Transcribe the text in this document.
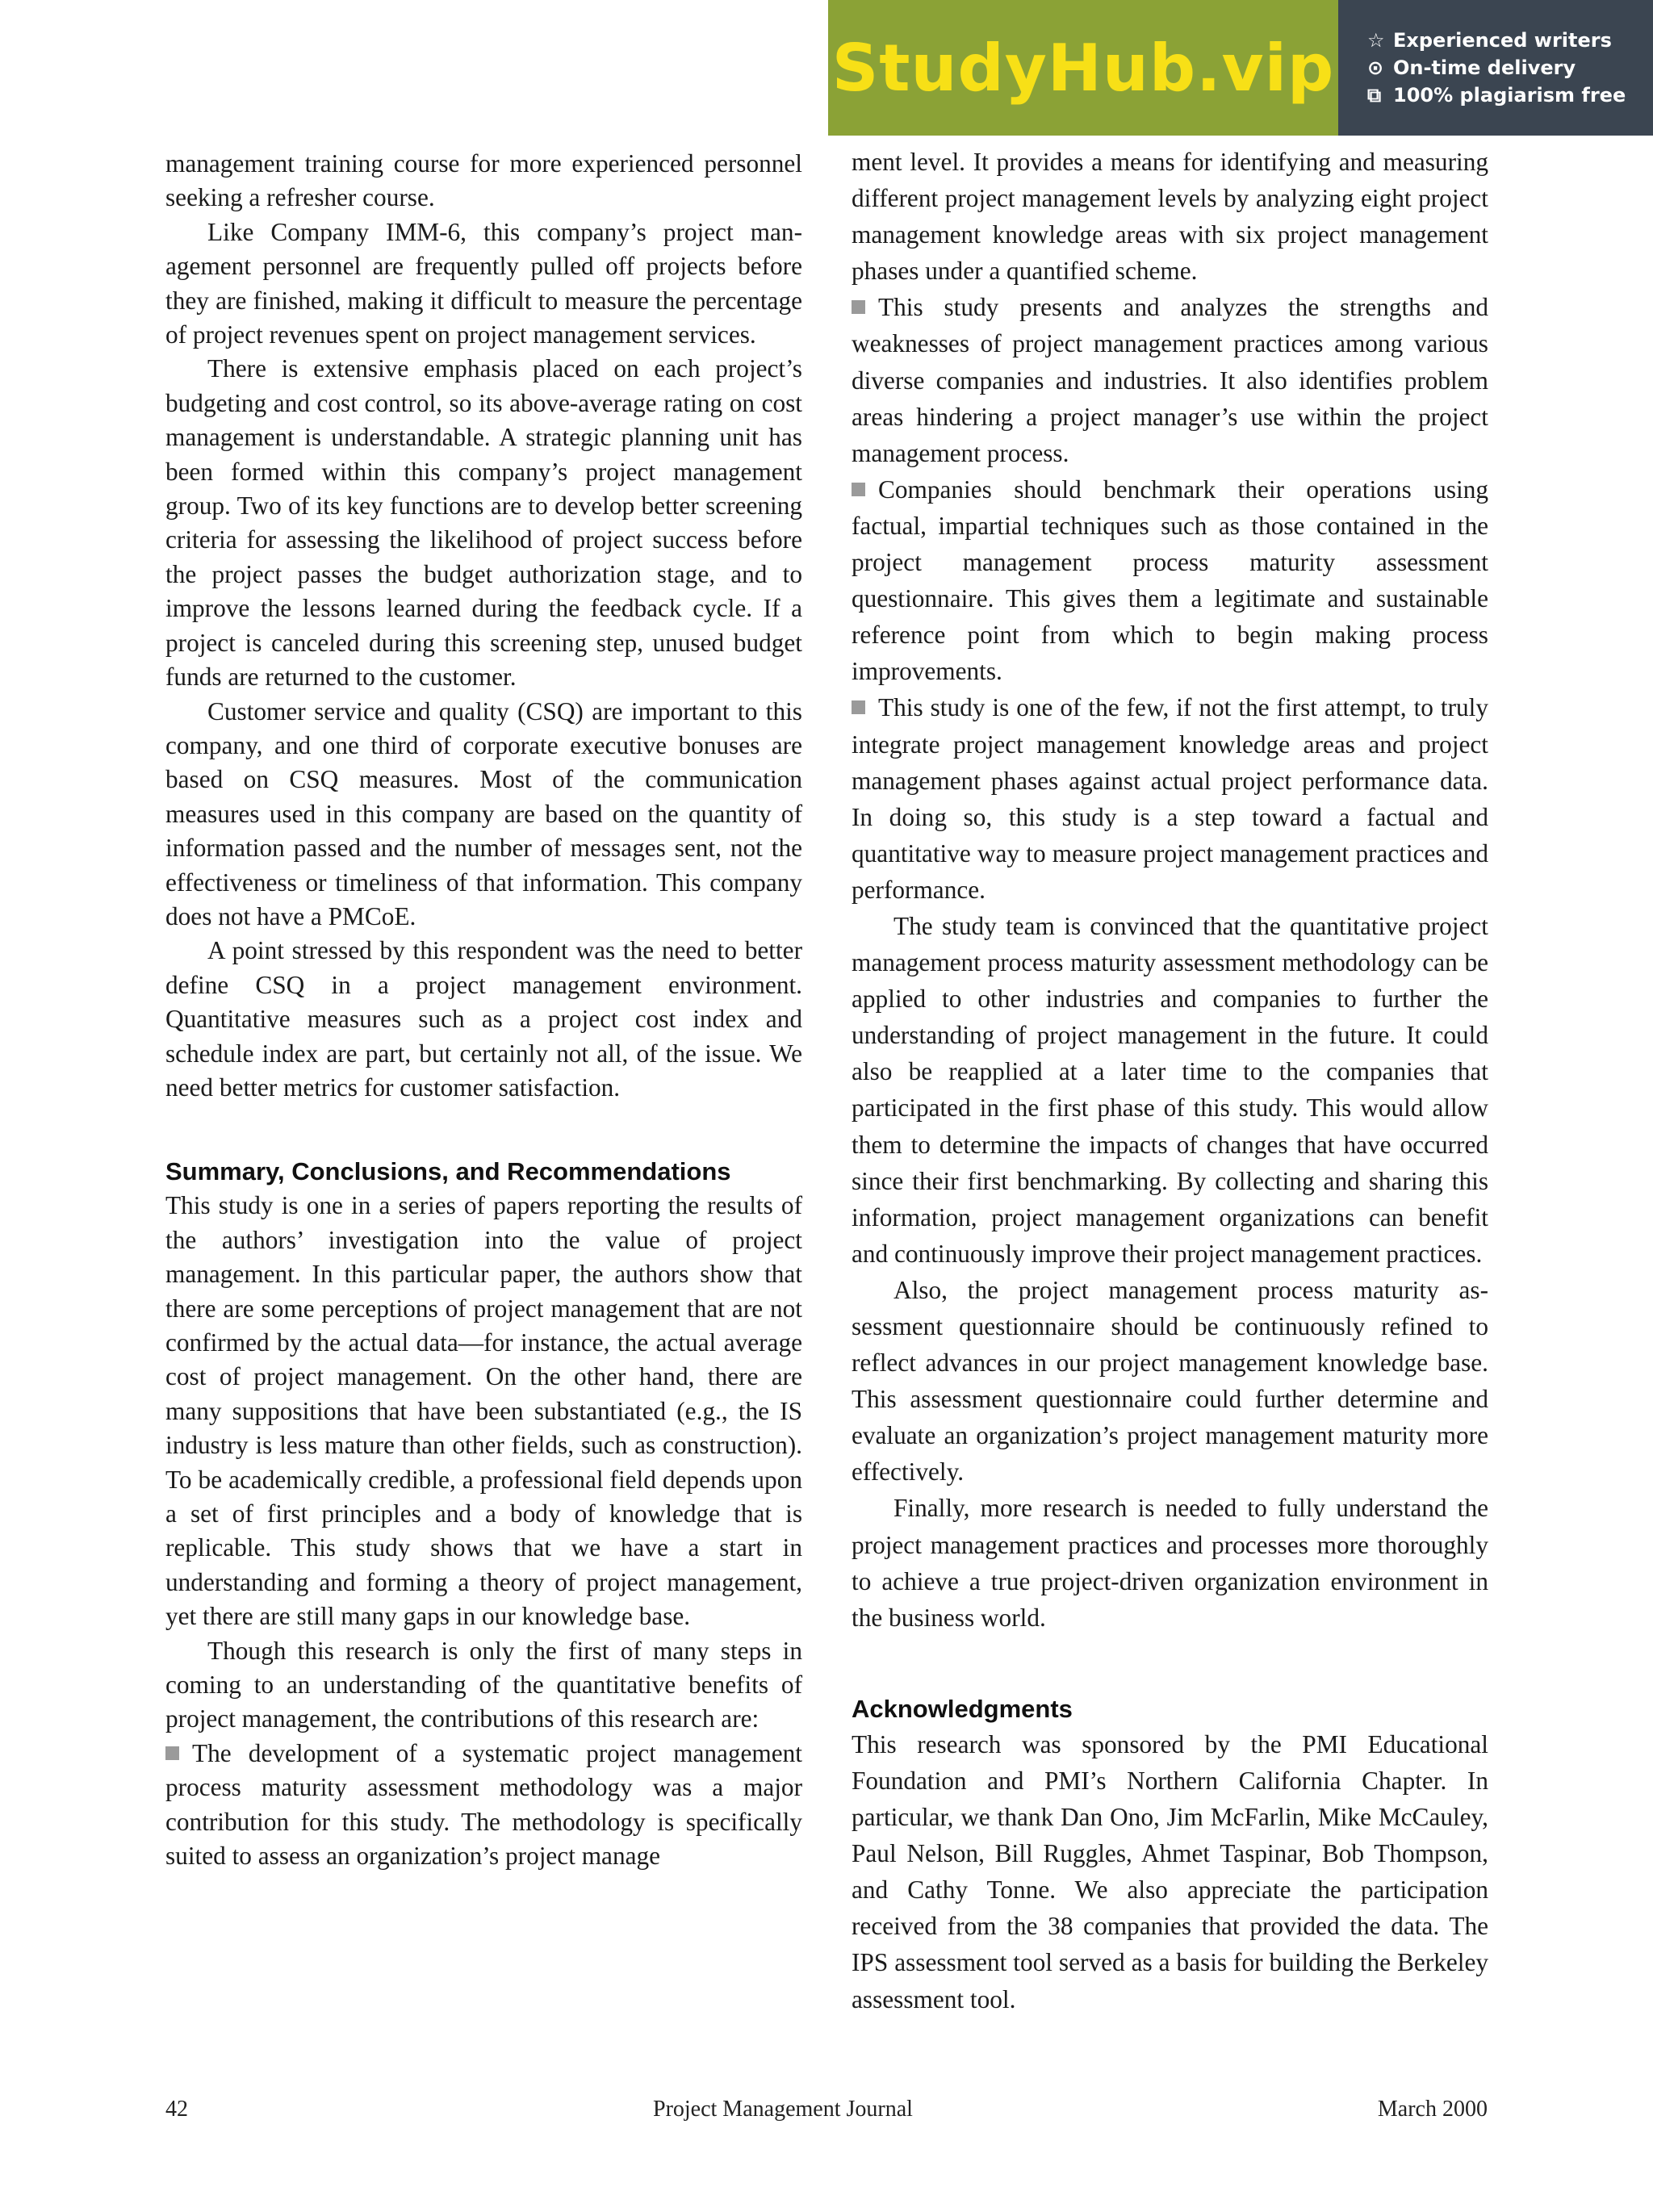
StudyHub.vip ☆ Experienced writers
⊙ On-time delivery
⧉ 100% plagiarism free

management training course for more experienced personnel seeking a refresher course.

Like Company IMM-6, this company’s project management personnel are frequently pulled off projects before they are finished, making it difficult to measure the percentage of project revenues spent on project management services.

There is extensive emphasis placed on each project’s budgeting and cost control, so its above-average rating on cost management is understandable. A strategic planning unit has been formed within this company’s project management group. Two of its key functions are to develop better screening criteria for assessing the likelihood of project success before the project passes the budget authorization stage, and to improve the lessons learned during the feedback cycle. If a project is canceled during this screening step, unused budget funds are returned to the customer.

Customer service and quality (CSQ) are important to this company, and one third of corporate executive bonuses are based on CSQ measures. Most of the communication measures used in this company are based on the quantity of information passed and the number of messages sent, not the effectiveness or timeliness of that information. This company does not have a PMCoE.

A point stressed by this respondent was the need to better define CSQ in a project management environment. Quantitative measures such as a project cost index and schedule index are part, but certainly not all, of the issue. We need better metrics for customer satisfaction.

Summary, Conclusions, and Recommendations

This study is one in a series of papers reporting the results of the authors’ investigation into the value of project management. In this particular paper, the authors show that there are some perceptions of project management that are not confirmed by the actual data—for instance, the actual average cost of project management. On the other hand, there are many suppositions that have been substantiated (e.g., the IS industry is less mature than other fields, such as construction). To be academically credible, a professional field depends upon a set of first principles and a body of knowledge that is replicable. This study shows that we have a start in understanding and forming a theory of project management, yet there are still many gaps in our knowledge base.

Though this research is only the first of many steps in coming to an understanding of the quantitative benefits of project management, the contributions of this research are:

The development of a systematic project management process maturity assessment methodology was a major contribution for this study. The methodology is specifically suited to assess an organization’s project manage

ment level. It provides a means for identifying and measuring different project management levels by analyzing eight project management knowledge areas with six project management phases under a quantified scheme.

This study presents and analyzes the strengths and weaknesses of project management practices among various diverse companies and industries. It also identifies problem areas hindering a project manager’s use within the project management process.

Companies should benchmark their operations using factual, impartial techniques such as those contained in the project management process maturity assessment questionnaire. This gives them a legitimate and sustainable reference point from which to begin making process improvements.

This study is one of the few, if not the first attempt, to truly integrate project management knowledge areas and project management phases against actual project performance data. In doing so, this study is a step toward a factual and quantitative way to measure project management practices and performance.

The study team is convinced that the quantitative project management process maturity assessment methodology can be applied to other industries and companies to further the understanding of project management in the future. It could also be reapplied at a later time to the companies that participated in the first phase of this study. This would allow them to determine the impacts of changes that have occurred since their first benchmarking. By collecting and sharing this information, project management organizations can benefit and continuously improve their project management practices.

Also, the project management process maturity assessment questionnaire should be continuously refined to reflect advances in our project management knowledge base. This assessment questionnaire could further determine and evaluate an organization’s project management maturity more effectively.

Finally, more research is needed to fully understand the project management practices and processes more thoroughly to achieve a true project-driven organization environment in the business world.

Acknowledgments

This research was sponsored by the PMI Educational Foundation and PMI’s Northern California Chapter. In particular, we thank Dan Ono, Jim McFarlin, Mike McCauley, Paul Nelson, Bill Ruggles, Ahmet Taspinar, Bob Thompson, and Cathy Tonne. We also appreciate the participation received from the 38 companies that provided the data. The IPS assessment tool served as a basis for building the Berkeley assessment tool.

42	Project Management Journal	March 2000
